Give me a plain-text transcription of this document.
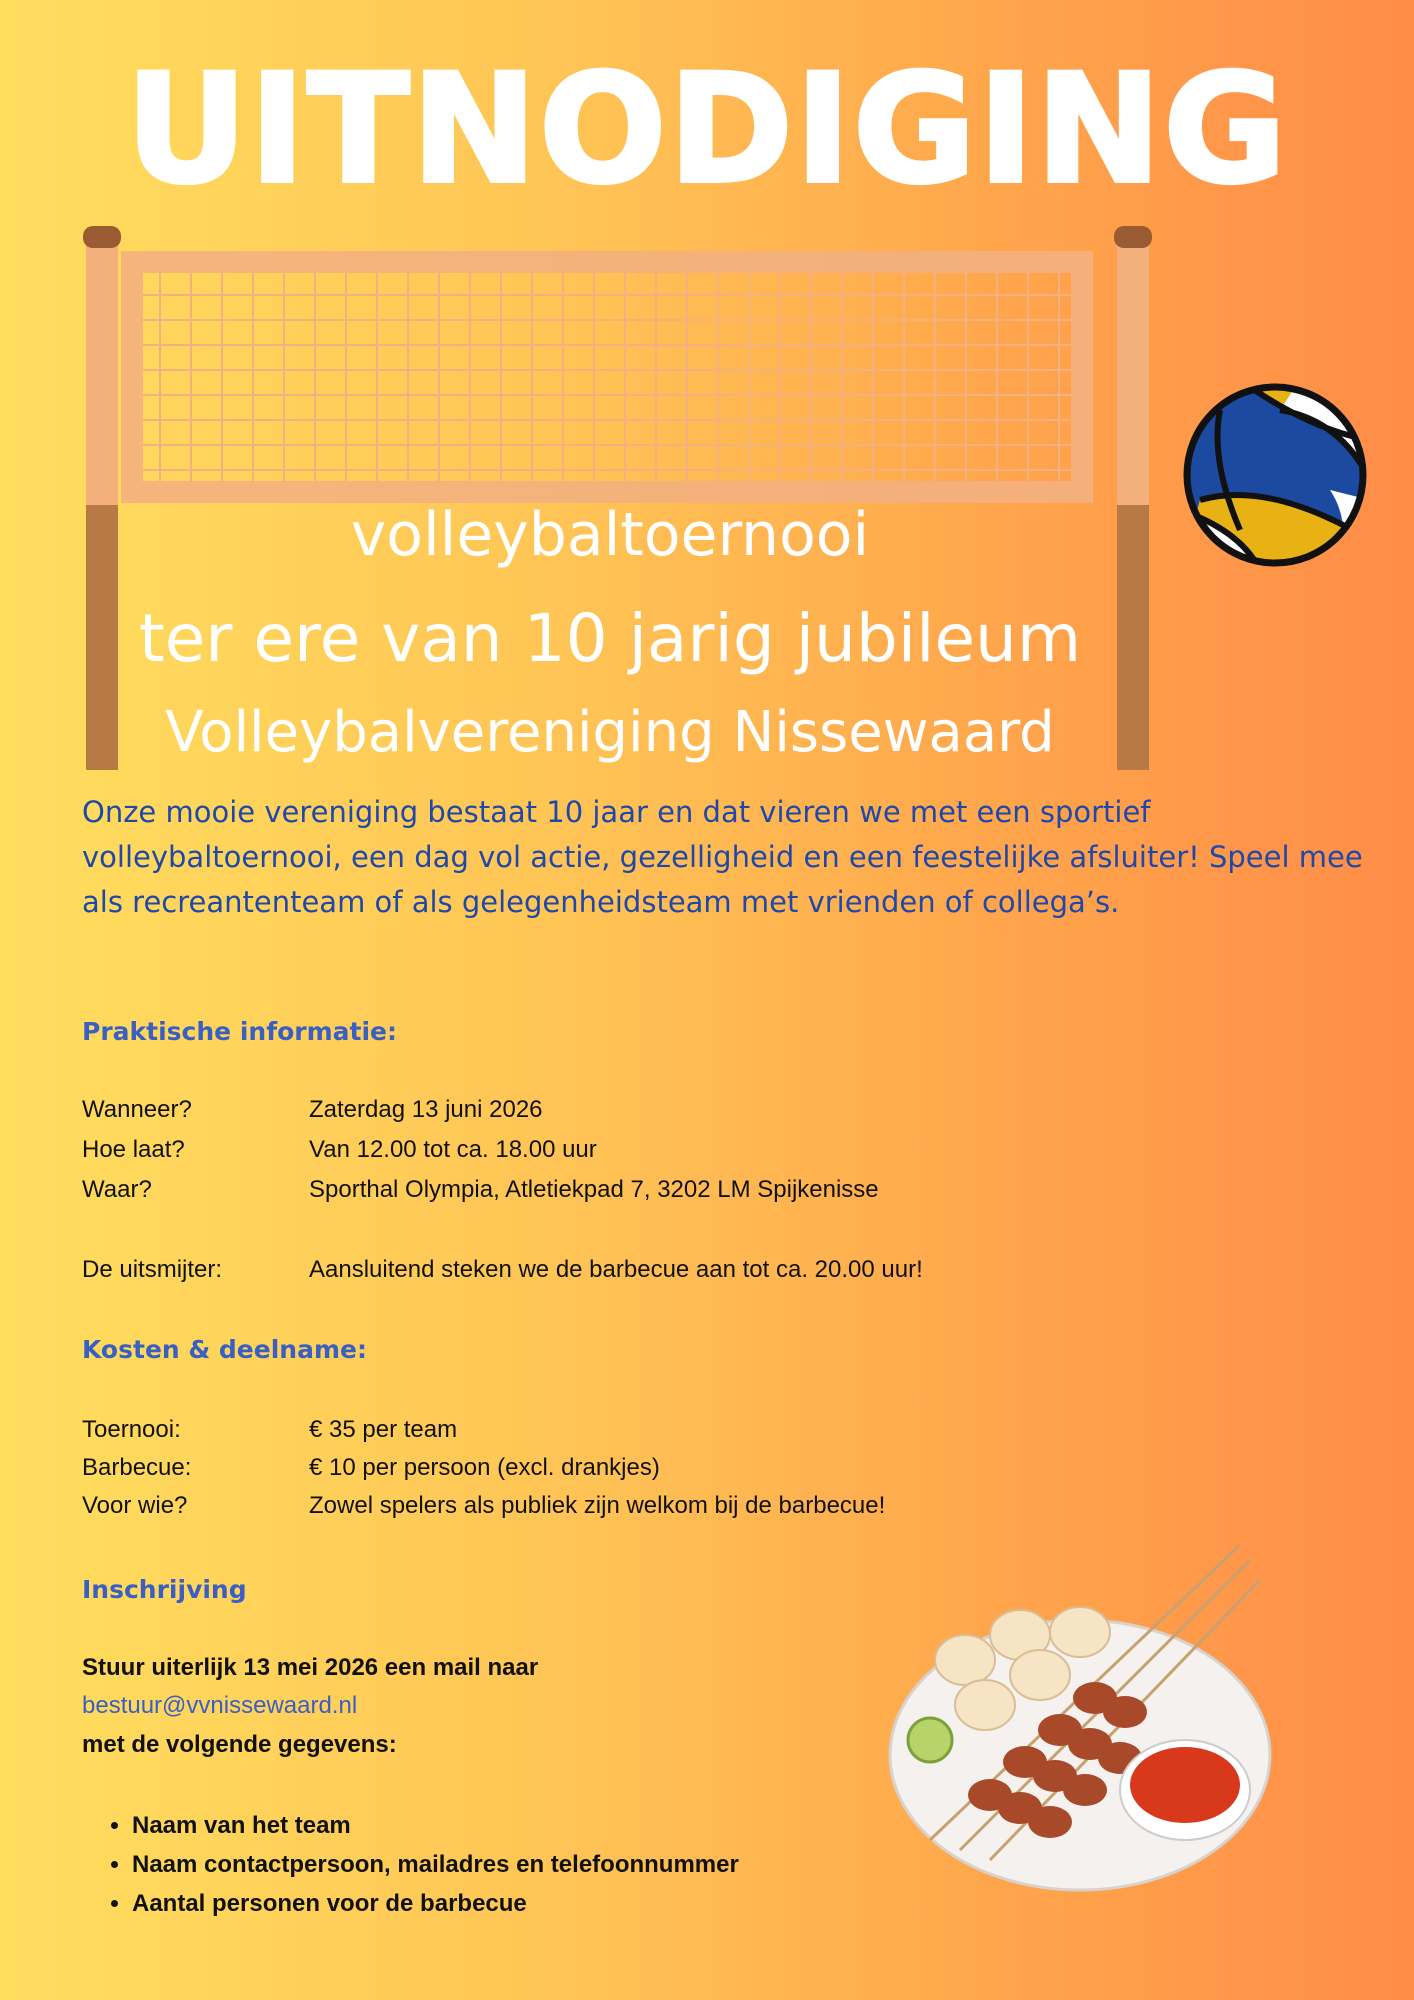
UITNODIGING
volleybaltoernooi
ter ere van 10 jarig jubileum
Volleybalvereniging Nissewaard
Onze mooie vereniging bestaat 10 jaar en dat vieren we met een sportief volleybaltoernooi, een dag vol actie, gezelligheid en een feestelijke afsluiter! Speel mee als recreantenteam of als gelegenheidsteam met vrienden of collega’s.
Praktische informatie:
Wanneer?	Zaterdag 13 juni 2026
Hoe laat?	Van 12.00 tot ca. 18.00 uur
Waar?	Sporthal Olympia, Atletiekpad 7, 3202 LM Spijkenisse
De uitsmijter:	Aansluitend steken we de barbecue aan tot ca. 20.00 uur!
Kosten & deelname:
Toernooi:	€ 35 per team
Barbecue:	€ 10 per persoon (excl. drankjes)
Voor wie?	Zowel spelers als publiek zijn welkom bij de barbecue!
Inschrijving
Stuur uiterlijk 13 mei 2026 een mail naar
bestuur@vvnissewaard.nl
met de volgende gegevens:
• Naam van het team
• Naam contactpersoon, mailadres en telefoonnummer
• Aantal personen voor de barbecue
